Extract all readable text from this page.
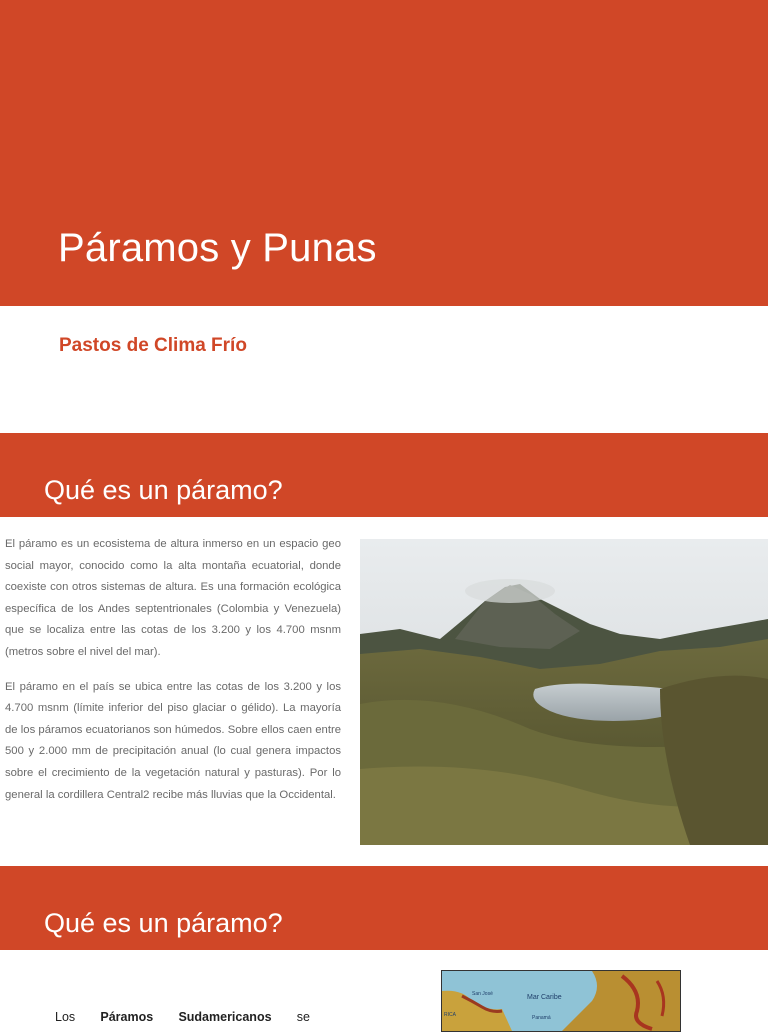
Páramos y Punas
Pastos de Clima Frío
Qué es un páramo?

El páramo es un ecosistema de altura inmerso en un espacio geo social mayor, conocido como la alta montaña ecuatorial, donde coexiste con otros sistemas de altura. Es una formación ecológica específica de los Andes septentrionales (Colombia y Venezuela) que se localiza entre las cotas de los 3.200 y los 4.700 msnm (metros sobre el nivel del mar).

El páramo en el país se ubica entre las cotas de los 3.200 y los 4.700 msnm (límite inferior del piso glaciar o gélido). La mayoría de los páramos ecuatorianos son húmedos. Sobre ellos caen entre 500 y 2.000 mm de precipitación anual (lo cual genera impactos sobre el crecimiento de la vegetación natural y pasturas). Por lo general la cordillera Central2 recibe más lluvias que la Occidental.

Qué es un páramo?
Los Páramos Sudamericanos se
Mar Caribe
San José
RICA	Panamá
